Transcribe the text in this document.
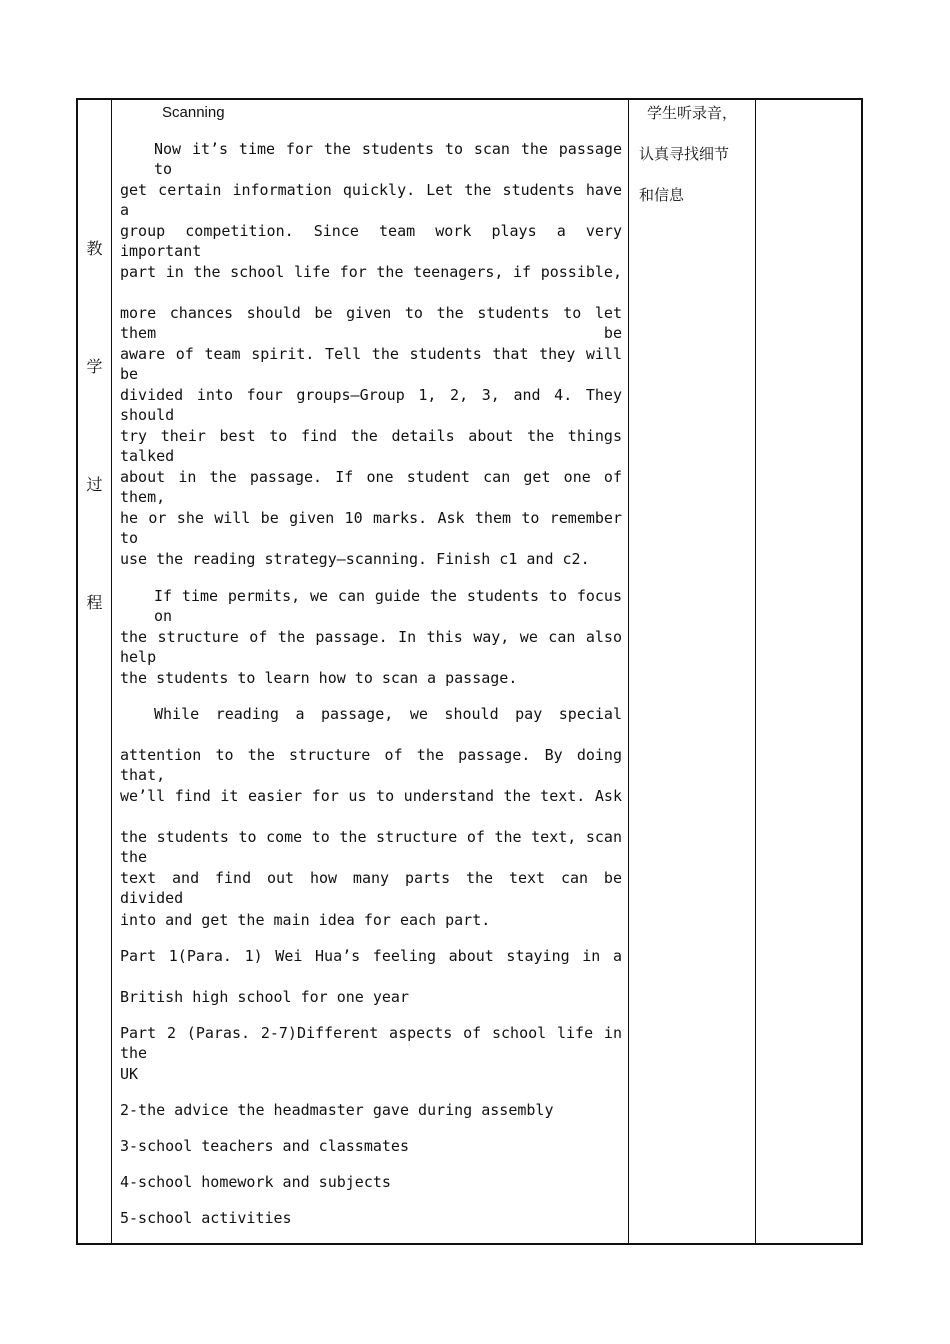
教
学
过
程
Scanning
Now it’s time for the students to scan the passage to
get certain information quickly. Let the students have a
group competition. Since team work plays a very important
part in the school life for the teenagers, if possible,
more chances should be given to the students to let them be
aware of team spirit. Tell the students that they will be
divided into four groups—Group 1, 2, 3, and 4. They should
try their best to find the details about the things talked
about in the passage. If one student can get one of them,
he or she will be given 10 marks. Ask them to remember to
use the reading strategy—scanning. Finish c1 and c2.
If time permits, we can guide the students to focus on
the structure of the passage. In this way, we can also help
the students to learn how to scan a passage.
While reading a passage, we should pay special
attention to the structure of the passage. By doing that,
we’ll find it easier for us to understand the text. Ask
the students to come to the structure of the text, scan the
text and find out how many parts the text can be divided
into and get the main idea for each part.
Part 1(Para. 1) Wei Hua’s feeling about staying in a
British high school for one year
Part 2 (Paras. 2-7)Different aspects of school life in the
UK
2-the advice the headmaster gave during assembly
3-school teachers and classmates
4-school homework and subjects
5-school activities
学生听录音，
认真寻找细节
和信息
